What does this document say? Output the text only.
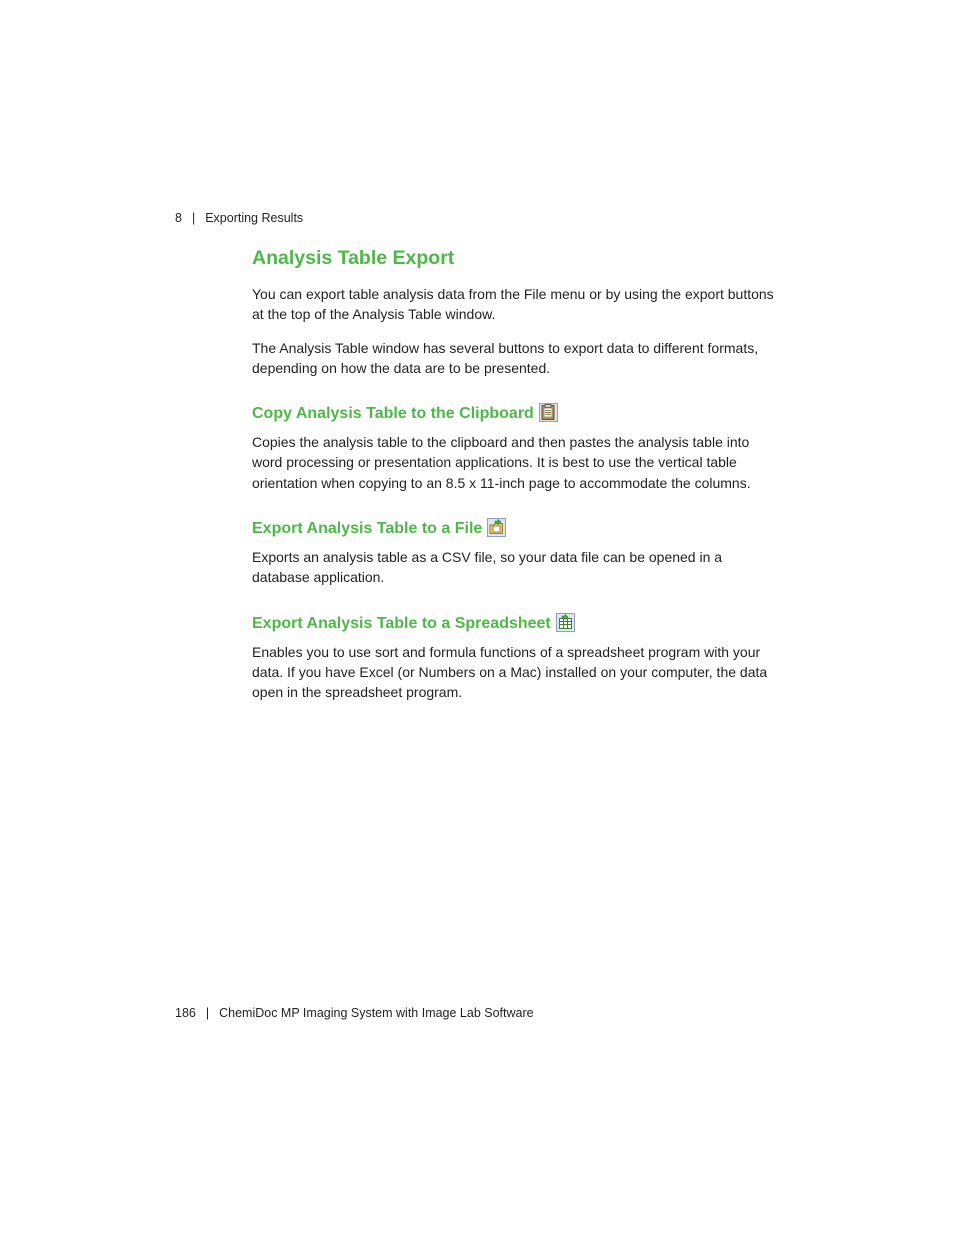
8 | Exporting Results
Analysis Table Export

You can export table analysis data from the File menu or by using the export buttons at the top of the Analysis Table window.

The Analysis Table window has several buttons to export data to different formats, depending on how the data are to be presented.

Copy Analysis Table to the Clipboard

Copies the analysis table to the clipboard and then pastes the analysis table into word processing or presentation applications. It is best to use the vertical table orientation when copying to an 8.5 x 11-inch page to accommodate the columns.

Export Analysis Table to a File

Exports an analysis table as a CSV file, so your data file can be opened in a database application.

Export Analysis Table to a Spreadsheet

Enables you to use sort and formula functions of a spreadsheet program with your data. If you have Excel (or Numbers on a Mac) installed on your computer, the data open in the spreadsheet program.

186 | ChemiDoc MP Imaging System with Image Lab Software
